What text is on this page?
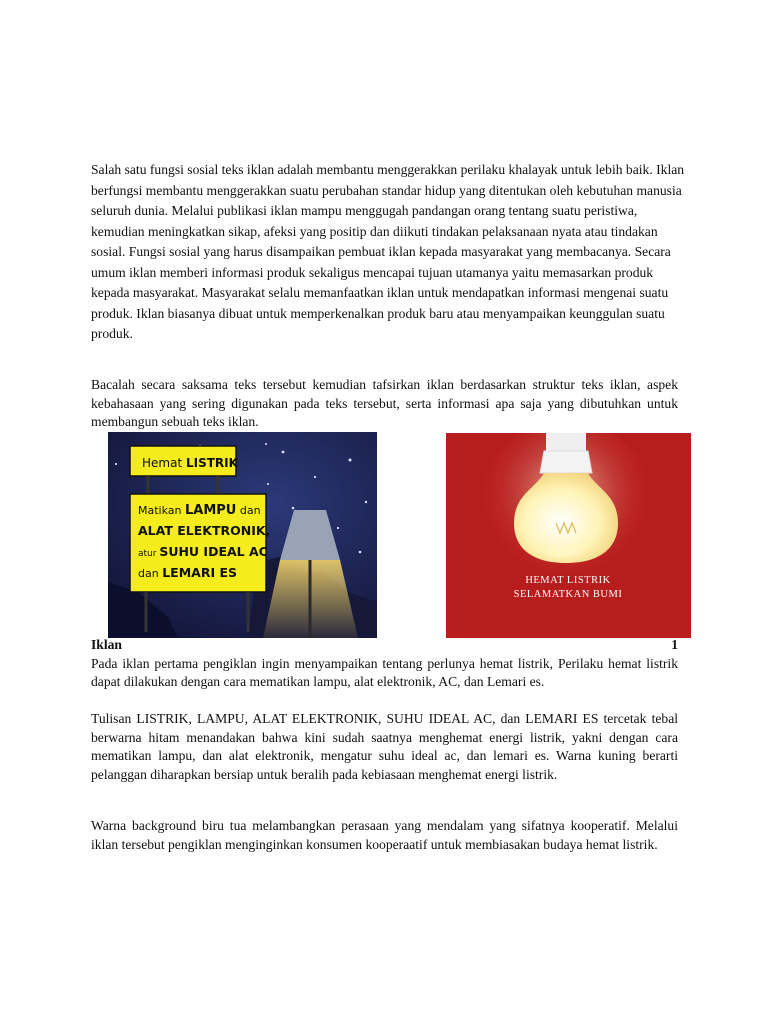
Salah satu fungsi sosial teks iklan adalah membantu menggerakkan perilaku khalayak untuk lebih baik. Iklan berfungsi membantu menggerakkan suatu perubahan standar hidup yang ditentukan oleh kebutuhan manusia seluruh dunia. Melalui publikasi iklan mampu menggugah pandangan orang tentang suatu peristiwa, kemudian meningkatkan sikap, afeksi yang positip dan diikuti tindakan pelaksanaan nyata atau tindakan sosial. Fungsi sosial yang harus disampaikan pembuat iklan kepada masyarakat yang membacanya. Secara umum iklan memberi informasi produk sekaligus mencapai tujuan utamanya yaitu memasarkan produk kepada masyarakat. Masyarakat selalu memanfaatkan iklan untuk mendapatkan informasi mengenai suatu produk. Iklan biasanya dibuat untuk memperkenalkan produk baru atau menyampaikan keunggulan suatu produk.
Bacalah secara saksama teks tersebut kemudian tafsirkan iklan berdasarkan struktur teks iklan, aspek kebahasaan yang sering digunakan pada teks tersebut, serta informasi apa saja yang dibutuhkan untuk membangun sebuah teks iklan.
Hemat LISTRIK
Matikan LAMPU dan
ALAT ELEKTRONIK,
atur SUHU IDEAL AC
dan LEMARI ES
123RF
HEMAT LISTRIK
SELAMATKAN BUMI
Iklan	1
Pada iklan pertama pengiklan ingin menyampaikan tentang perlunya hemat listrik, Perilaku hemat listrik dapat dilakukan dengan cara mematikan lampu, alat elektronik, AC, dan Lemari es.
Tulisan LISTRIK, LAMPU, ALAT ELEKTRONIK, SUHU IDEAL AC, dan LEMARI ES tercetak tebal berwarna hitam menandakan bahwa kini sudah saatnya menghemat energi listrik, yakni dengan cara mematikan lampu, dan alat elektronik, mengatur suhu ideal ac, dan lemari es. Warna kuning berarti pelanggan diharapkan bersiap untuk beralih pada kebiasaan menghemat energi listrik.
Warna background biru tua melambangkan perasaan yang mendalam yang sifatnya kooperatif. Melalui iklan tersebut pengiklan menginginkan konsumen kooperaatif untuk membiasakan budaya hemat listrik.
